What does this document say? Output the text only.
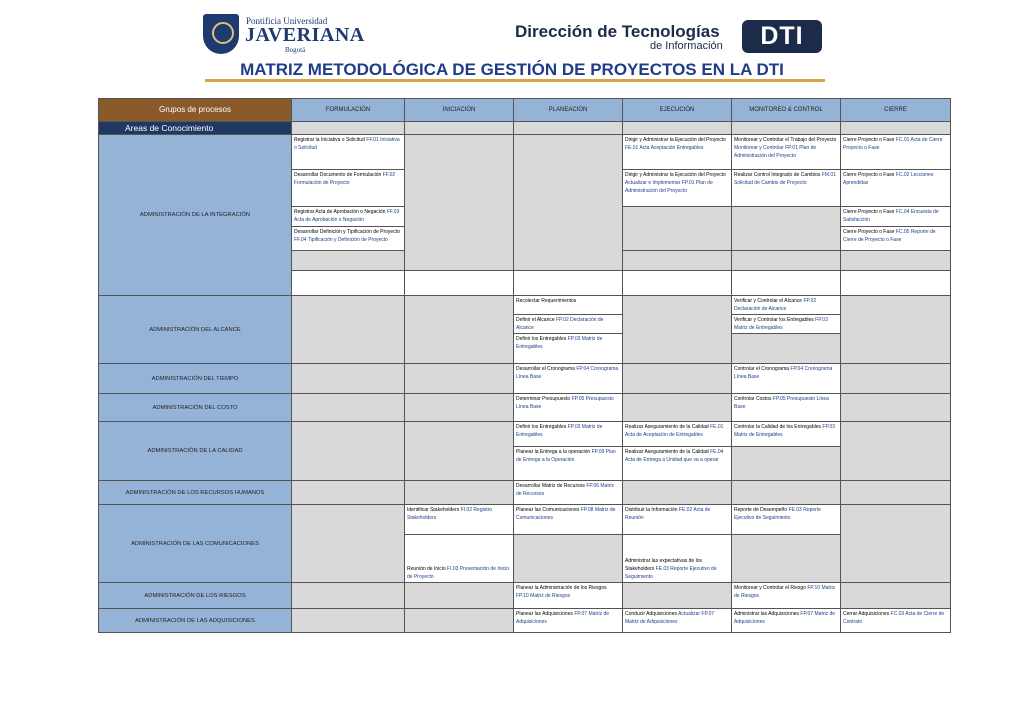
Pontificia Universidad
JAVERIANA
Bogotá
Dirección de Tecnologías
de Información	DTI
MATRIZ METODOLÓGICA DE GESTIÓN DE PROYECTOS EN LA DTI
Grupos de procesos	FORMULACIÓN	INICIACIÓN	PLANEACIÓN	EJECUCIÓN	MONITOREO & CONTROL	CIERRE
Areas de Conocimiento						
ADMINISTRACIÓN DE LA INTEGRACIÓN	Registrar la Iniciativa o Solicitud FF.01 Iniciativa o Solicitud			Dirigir y Administrar la Ejecución del Proyecto FE.01 Acta Aceptación Entregables	Monitorear y Controlar el Trabajo del Proyecto Monitorear y Controlar FP.01 Plan de Administración del Proyecto	Cierre Proyecto o Fase FC.01 Acta de Cierre Proyecto o Fase
	Desarrollar Documento de Formulación FF.02 Formulación de Proyecto			Dirigir y Administrar la Ejecución del Proyecto Actualizar e Implementar FP.01 Plan de Administración del Proyecto	Realizar Control Integrado de Cambios FM.01 Solicitud de Cambio de Proyecto	Cierre Proyecto o Fase FC.02 Lecciones Aprendidas
	Registrar Acta de Aprobación o Negación FF.03 Acta de Aprobación o Negación					Cierre Proyecto o Fase FC.04 Encuesta de Satisfacción
	Desarrollar Definición y Tipificación de Proyecto FF.04 Tipificación y Definición de Proyecto					Cierre Proyecto o Fase FC.05 Reporte de Cierre de Proyecto o Fase

ADMINISTRACIÓN DEL ALCANCE			Recolectar Requerimientos		Verificar y Controlar el Alcance FP.02 Declaración de Alcance	
			Definir el Alcance FP.02 Declaración de Alcance		Verificar y Controlar los Entregables FP.03 Matriz de Entregables	
			Definir los Entregables FP.03 Matriz de Entregables			
ADMINISTRACIÓN DEL TIEMPO			Desarrollar el Cronograma FP.04 Cronograma Línea Base		Controlar el Cronograma FP.04 Cronograma Línea Base	
ADMINISTRACIÓN DEL COSTO			Determinar Presupuesto FP.05 Presupuesto Línea Base		Controlar Costos FP.05 Presupuesto Línea Base	
ADMINISTRACIÓN DE LA CALIDAD			Definir los Entregables FP.03 Matriz de Entregables	Realizar Aseguramiento de la Calidad FE.01 Acta de Aceptación de Entregables	Controlar la Calidad de los Entregables FP.03 Matriz de Entregables	
			Planear la Entrega a la operación FP.09 Plan de Entrega a la Operación	Realizar Aseguramiento de la Calidad FE.04 Acta de Entrega a Unidad que va a operar		
ADMINISTRACIÓN DE LOS RECURSOS HUMANOS			Desarrollar Matriz de Recursos FP.06 Matriz de Recursos			
ADMINISTRACIÓN DE LAS COMUNICACIONES		Identificar Stakeholders FI.02 Registro Stakeholders	Planear las Comunicaciones FP.08 Matriz de Comunicaciones	Distribuir la Información FE.02 Acta de Reunión	Reporte de Desempeño FE.03 Reporte Ejecutivo de Seguimiento	
		Reunión de Inicio FI.03 Presentación de Inicio de Proyecto		Administrar las expectativas de los Stakeholders FE.03 Reporte Ejecutivo de Seguimiento		
ADMINISTRACIÓN DE LOS RIESGOS			Planear la Administración de los Riesgos FP.10 Matriz de Riesgos		Monitorear y Controlar el Riesgo FP.10 Matriz de Riesgos	
ADMINISTRACIÓN DE LAS ADQUISICIONES			Planear las Adquisiciones FP.07 Matriz de Adquisiciones	Conducir Adquisiciones Actualizar FP.07 Matriz de Adquisiciones	Administrar las Adquisiciones FP.07 Matriz de Adquisiciones	Cerrar Adquisiciones FC.03 Acta de Cierre de Contrato
